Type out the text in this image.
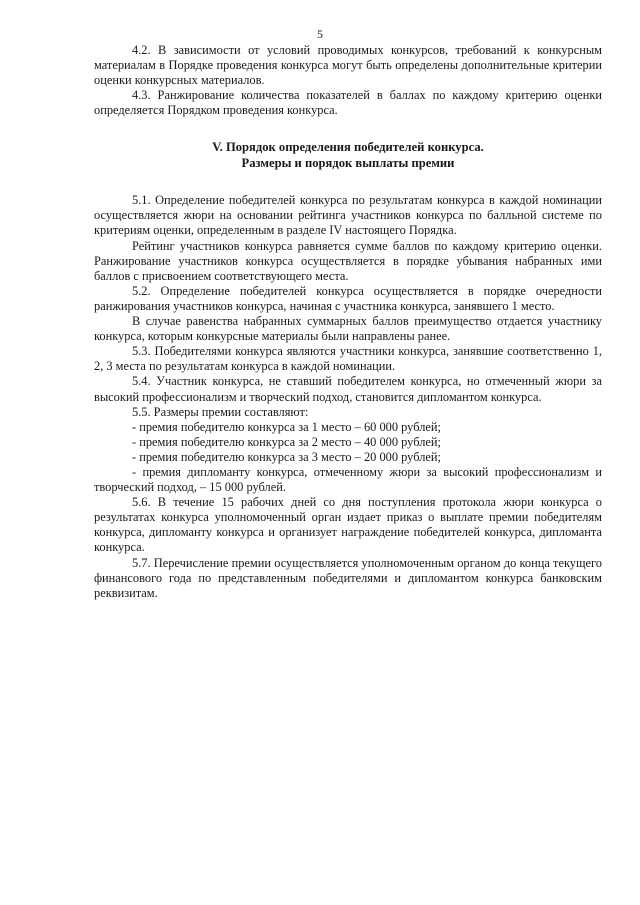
5

4.2. В зависимости от условий проводимых конкурсов, требований к конкурсным материалам в Порядке проведения конкурса могут быть определены дополнительные критерии оценки конкурсных материалов.

4.3. Ранжирование количества показателей в баллах по каждому критерию оценки определяется Порядком проведения конкурса.

V. Порядок определения победителей конкурса.
Размеры и порядок выплаты премии

5.1. Определение победителей конкурса по результатам конкурса в каждой номинации осуществляется жюри на основании рейтинга участников конкурса по балльной системе по критериям оценки, определенным в разделе IV настоящего Порядка.

Рейтинг участников конкурса равняется сумме баллов по каждому критерию оценки. Ранжирование участников конкурса осуществляется в порядке убывания набранных ими баллов с присвоением соответствующего места.

5.2. Определение победителей конкурса осуществляется в порядке очередности ранжирования участников конкурса, начиная с участника конкурса, занявшего 1 место.

В случае равенства набранных суммарных баллов преимущество отдается участнику конкурса, которым конкурсные материалы были направлены ранее.

5.3. Победителями конкурса являются участники конкурса, занявшие соответственно 1, 2, 3 места по результатам конкурса в каждой номинации.

5.4. Участник конкурса, не ставший победителем конкурса, но отмеченный жюри за высокий профессионализм и творческий подход, становится дипломантом конкурса.

5.5. Размеры премии составляют:

- премия победителю конкурса за 1 место – 60 000 рублей;

- премия победителю конкурса за 2 место – 40 000 рублей;

- премия победителю конкурса за 3 место – 20 000 рублей;

- премия дипломанту конкурса, отмеченному жюри за высокий профессионализм и творческий подход, – 15 000 рублей.

5.6. В течение 15 рабочих дней со дня поступления протокола жюри конкурса о результатах конкурса уполномоченный орган издает приказ о выплате премии победителям конкурса, дипломанту конкурса и организует награждение победителей конкурса, дипломанта конкурса.

5.7. Перечисление премии осуществляется уполномоченным органом до конца текущего финансового года по представленным победителями и дипломантом конкурса банковским реквизитам.
